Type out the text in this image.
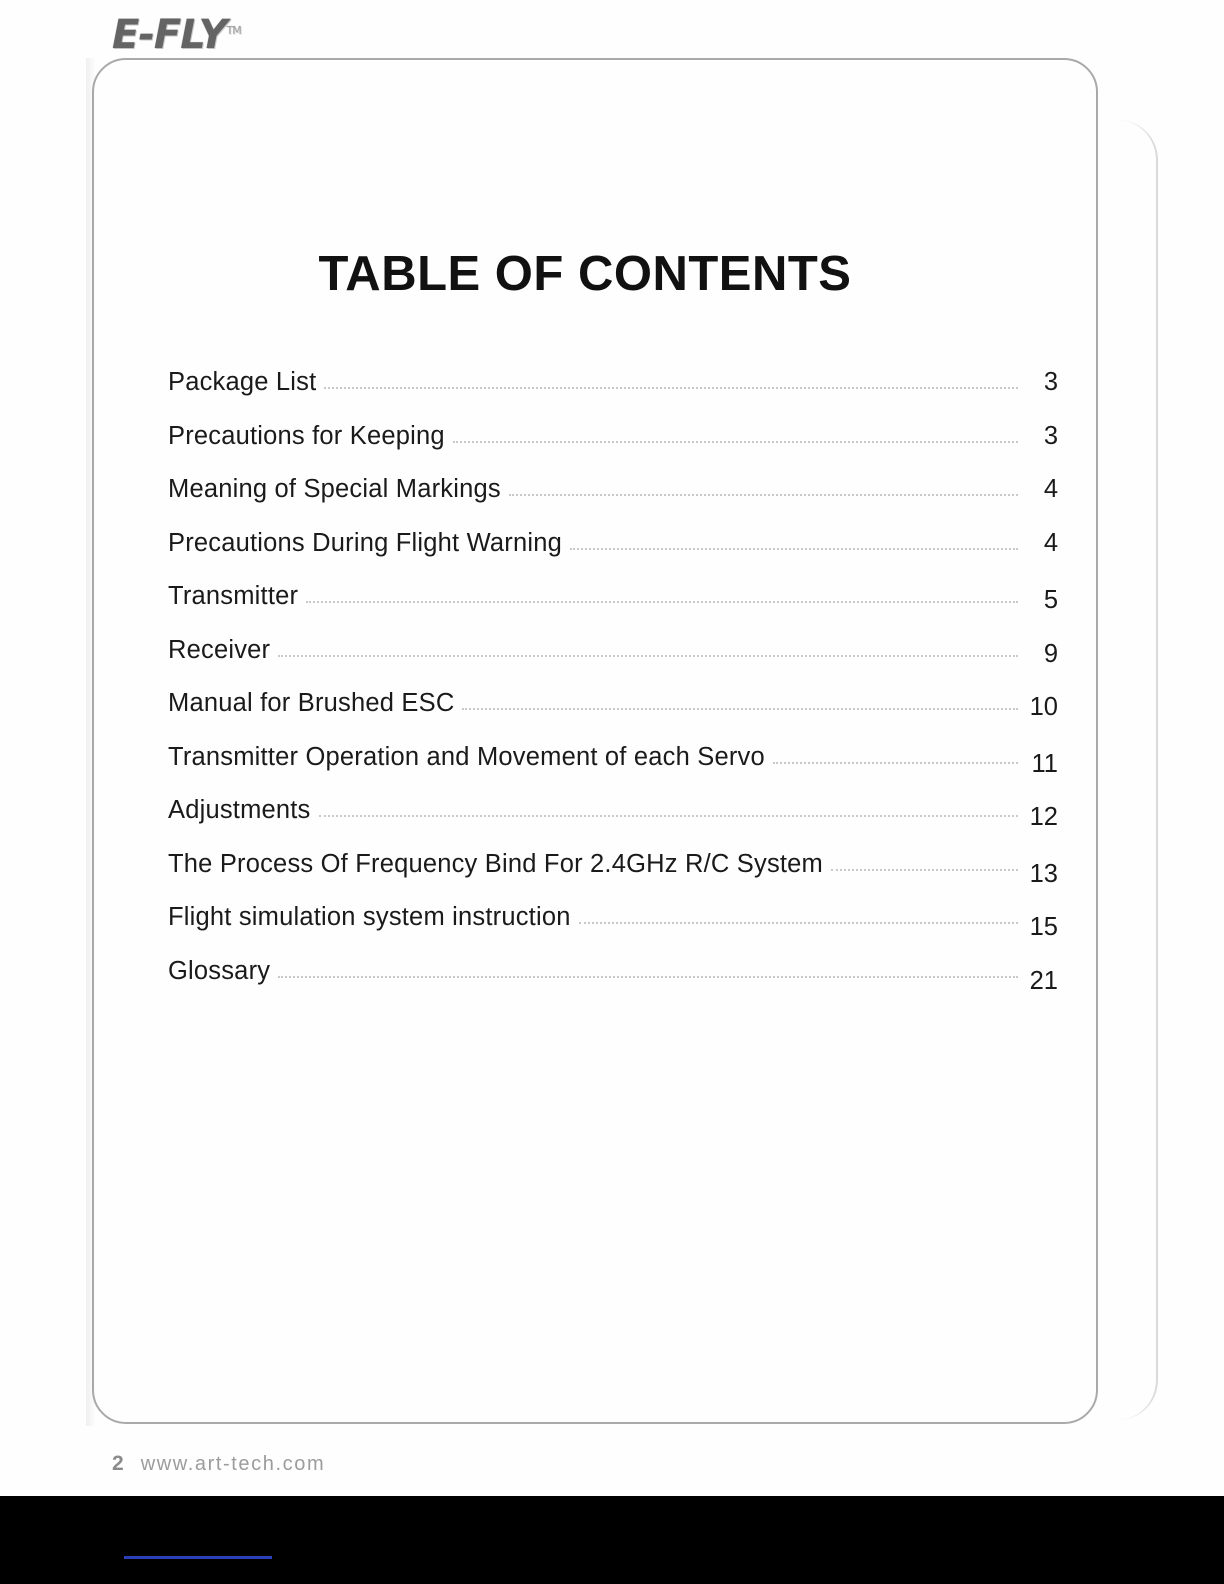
E-FLY™
TABLE OF CONTENTS
Package List	3
Precautions for Keeping	3
Meaning of Special Markings	4
Precautions During Flight Warning	4
Transmitter	5
Receiver	9
Manual for Brushed ESC	10
Transmitter Operation and Movement of each Servo	11
Adjustments	12
The Process Of Frequency Bind For 2.4GHz R/C System	13
Flight simulation system instruction	15
Glossary	21
2 www.art-tech.com
